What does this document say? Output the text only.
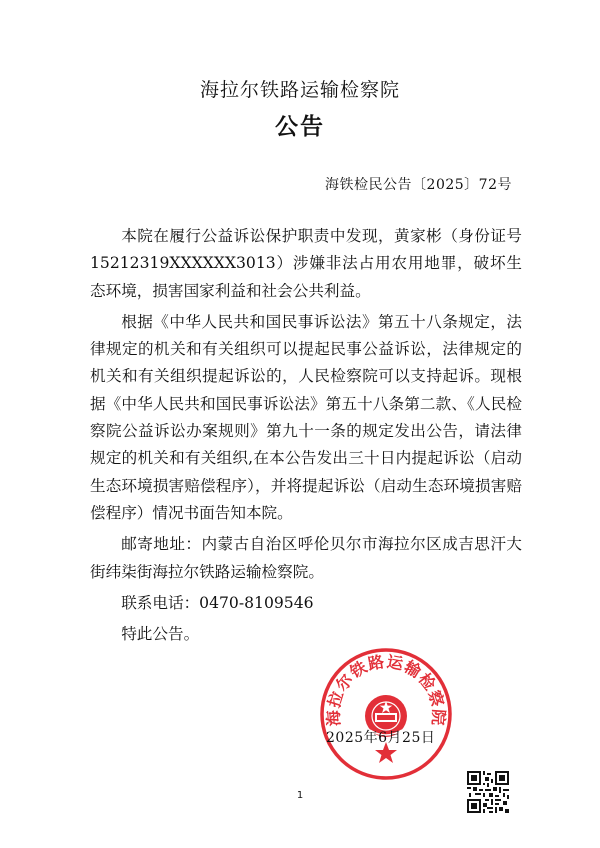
海拉尔铁路运输检察院
公告
海铁检民公告〔2025〕72号

本院在履行公益诉讼保护职责中发现，黄家彬（身份证号15212319XXXXXX3013）涉嫌非法占用农用地罪，破坏生态环境，损害国家利益和社会公共利益。

根据《中华人民共和国民事诉讼法》第五十八条规定，法律规定的机关和有关组织可以提起民事公益诉讼，法律规定的机关和有关组织提起诉讼的，人民检察院可以支持起诉。现根据《中华人民共和国民事诉讼法》第五十八条第二款、《人民检察院公益诉讼办案规则》第九十一条的规定发出公告，请法律规定的机关和有关组织,在本公告发出三十日内提起诉讼（启动生态环境损害赔偿程序），并将提起诉讼（启动生态环境损害赔偿程序）情况书面告知本院。

邮寄地址：内蒙古自治区呼伦贝尔市海拉尔区成吉思汗大街纬柒街海拉尔铁路运输检察院。

联系电话：0470-8109546

特此公告。

海拉尔铁路运输检察院
2025年6月25日
1
